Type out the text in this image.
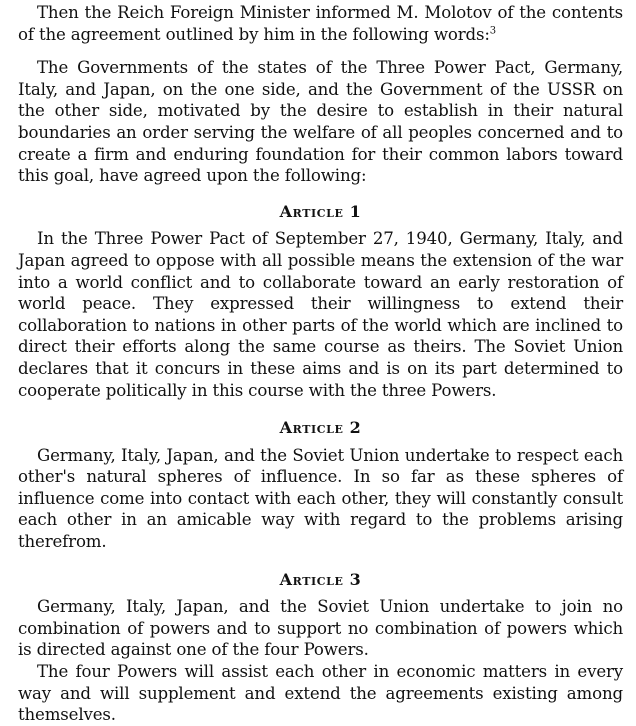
Then the Reich Foreign Minister informed M. Molotov of the contents of the agreement outlined by him in the following words:$^3$

The Governments of the states of the Three Power Pact, Germany, Italy, and Japan, on the one side, and the Government of the USSR on the other side, motivated by the desire to establish in their natural boundaries an order serving the welfare of all peoples concerned and to create a firm and enduring foundation for their common labors toward this goal, have agreed upon the following:

Article 1

In the Three Power Pact of September 27, 1940, Germany, Italy, and Japan agreed to oppose with all possible means the extension of the war into a world conflict and to collaborate toward an early restoration of world peace. They expressed their willingness to extend their collaboration to nations in other parts of the world which are inclined to direct their efforts along the same course as theirs. The Soviet Union declares that it concurs in these aims and is on its part determined to cooperate politically in this course with the three Powers.

Article 2

Germany, Italy, Japan, and the Soviet Union undertake to respect each other's natural spheres of influence. In so far as these spheres of influence come into contact with each other, they will constantly consult each other in an amicable way with regard to the problems arising therefrom.

Article 3

Germany, Italy, Japan, and the Soviet Union undertake to join no combination of powers and to support no combination of powers which is directed against one of the four Powers.

The four Powers will assist each other in economic matters in every way and will supplement and extend the agreements existing among themselves.
